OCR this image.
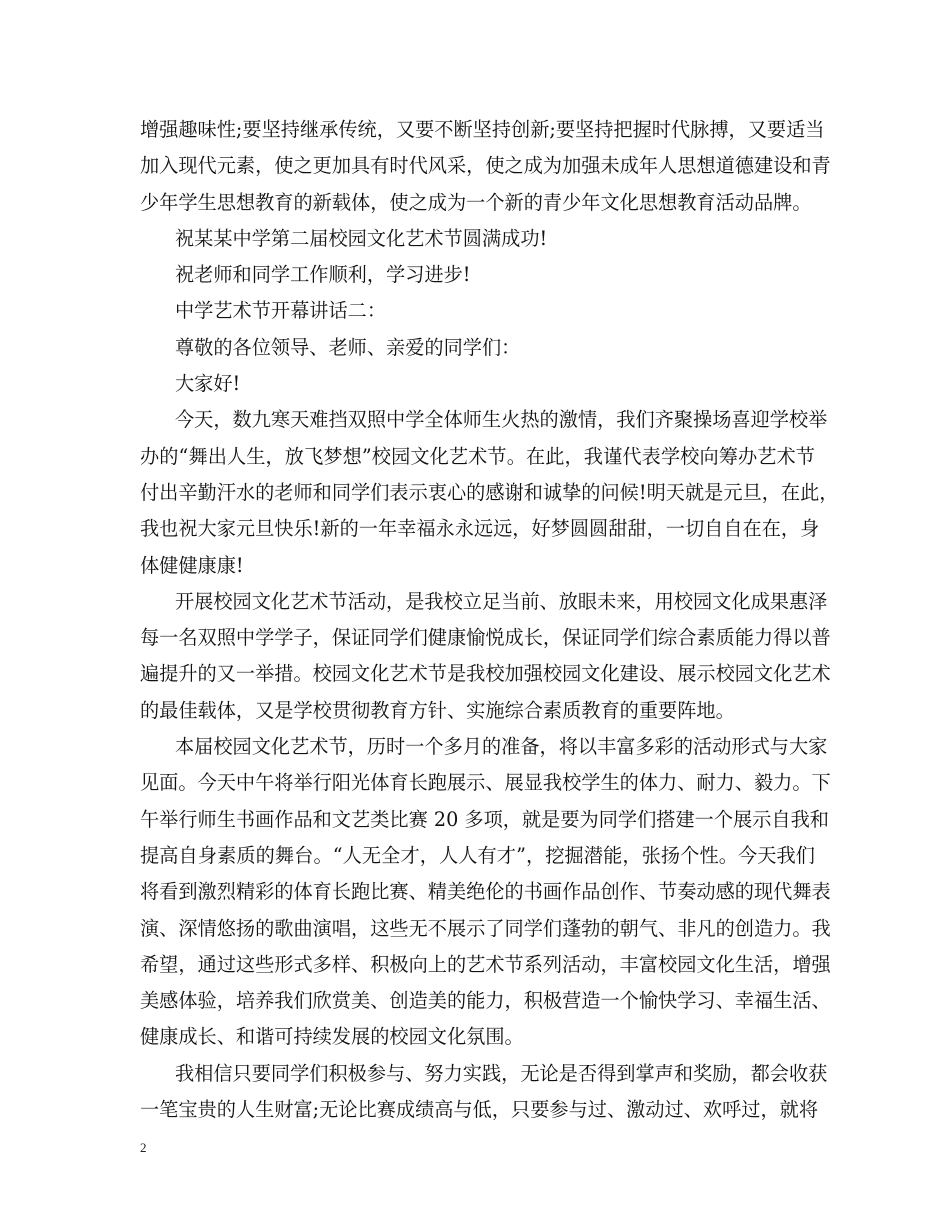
增强趣味性;要坚持继承传统，又要不断坚持创新;要坚持把握时代脉搏，又要适当
加入现代元素，使之更加具有时代风采，使之成为加强未成年人思想道德建设和青
少年学生思想教育的新载体，使之成为一个新的青少年文化思想教育活动品牌。
祝某某中学第二届校园文化艺术节圆满成功!
祝老师和同学工作顺利，学习进步!
中学艺术节开幕讲话二：
尊敬的各位领导、老师、亲爱的同学们：
大家好!
今天，数九寒天难挡双照中学全体师生火热的激情，我们齐聚操场喜迎学校举
办的“舞出人生，放飞梦想”校园文化艺术节。在此，我谨代表学校向筹办艺术节
付出辛勤汗水的老师和同学们表示衷心的感谢和诚挚的问候!明天就是元旦，在此，
我也祝大家元旦快乐!新的一年幸福永永远远，好梦圆圆甜甜，一切自自在在，身
体健健康康!
开展校园文化艺术节活动，是我校立足当前、放眼未来，用校园文化成果惠泽
每一名双照中学学子，保证同学们健康愉悦成长，保证同学们综合素质能力得以普
遍提升的又一举措。校园文化艺术节是我校加强校园文化建设、展示校园文化艺术
的最佳载体，又是学校贯彻教育方针、实施综合素质教育的重要阵地。
本届校园文化艺术节，历时一个多月的准备，将以丰富多彩的活动形式与大家
见面。今天中午将举行阳光体育长跑展示、展显我校学生的体力、耐力、毅力。下
午举行师生书画作品和文艺类比赛 20 多项，就是要为同学们搭建一个展示自我和
提高自身素质的舞台。“人无全才，人人有才”，挖掘潜能，张扬个性。今天我们
将看到激烈精彩的体育长跑比赛、精美绝伦的书画作品创作、节奏动感的现代舞表
演、深情悠扬的歌曲演唱，这些无不展示了同学们蓬勃的朝气、非凡的创造力。我
希望，通过这些形式多样、积极向上的艺术节系列活动，丰富校园文化生活，增强
美感体验，培养我们欣赏美、创造美的能力，积极营造一个愉快学习、幸福生活、
健康成长、和谐可持续发展的校园文化氛围。
我相信只要同学们积极参与、努力实践，无论是否得到掌声和奖励，都会收获
一笔宝贵的人生财富;无论比赛成绩高与低，只要参与过、激动过、欢呼过，就将
2
